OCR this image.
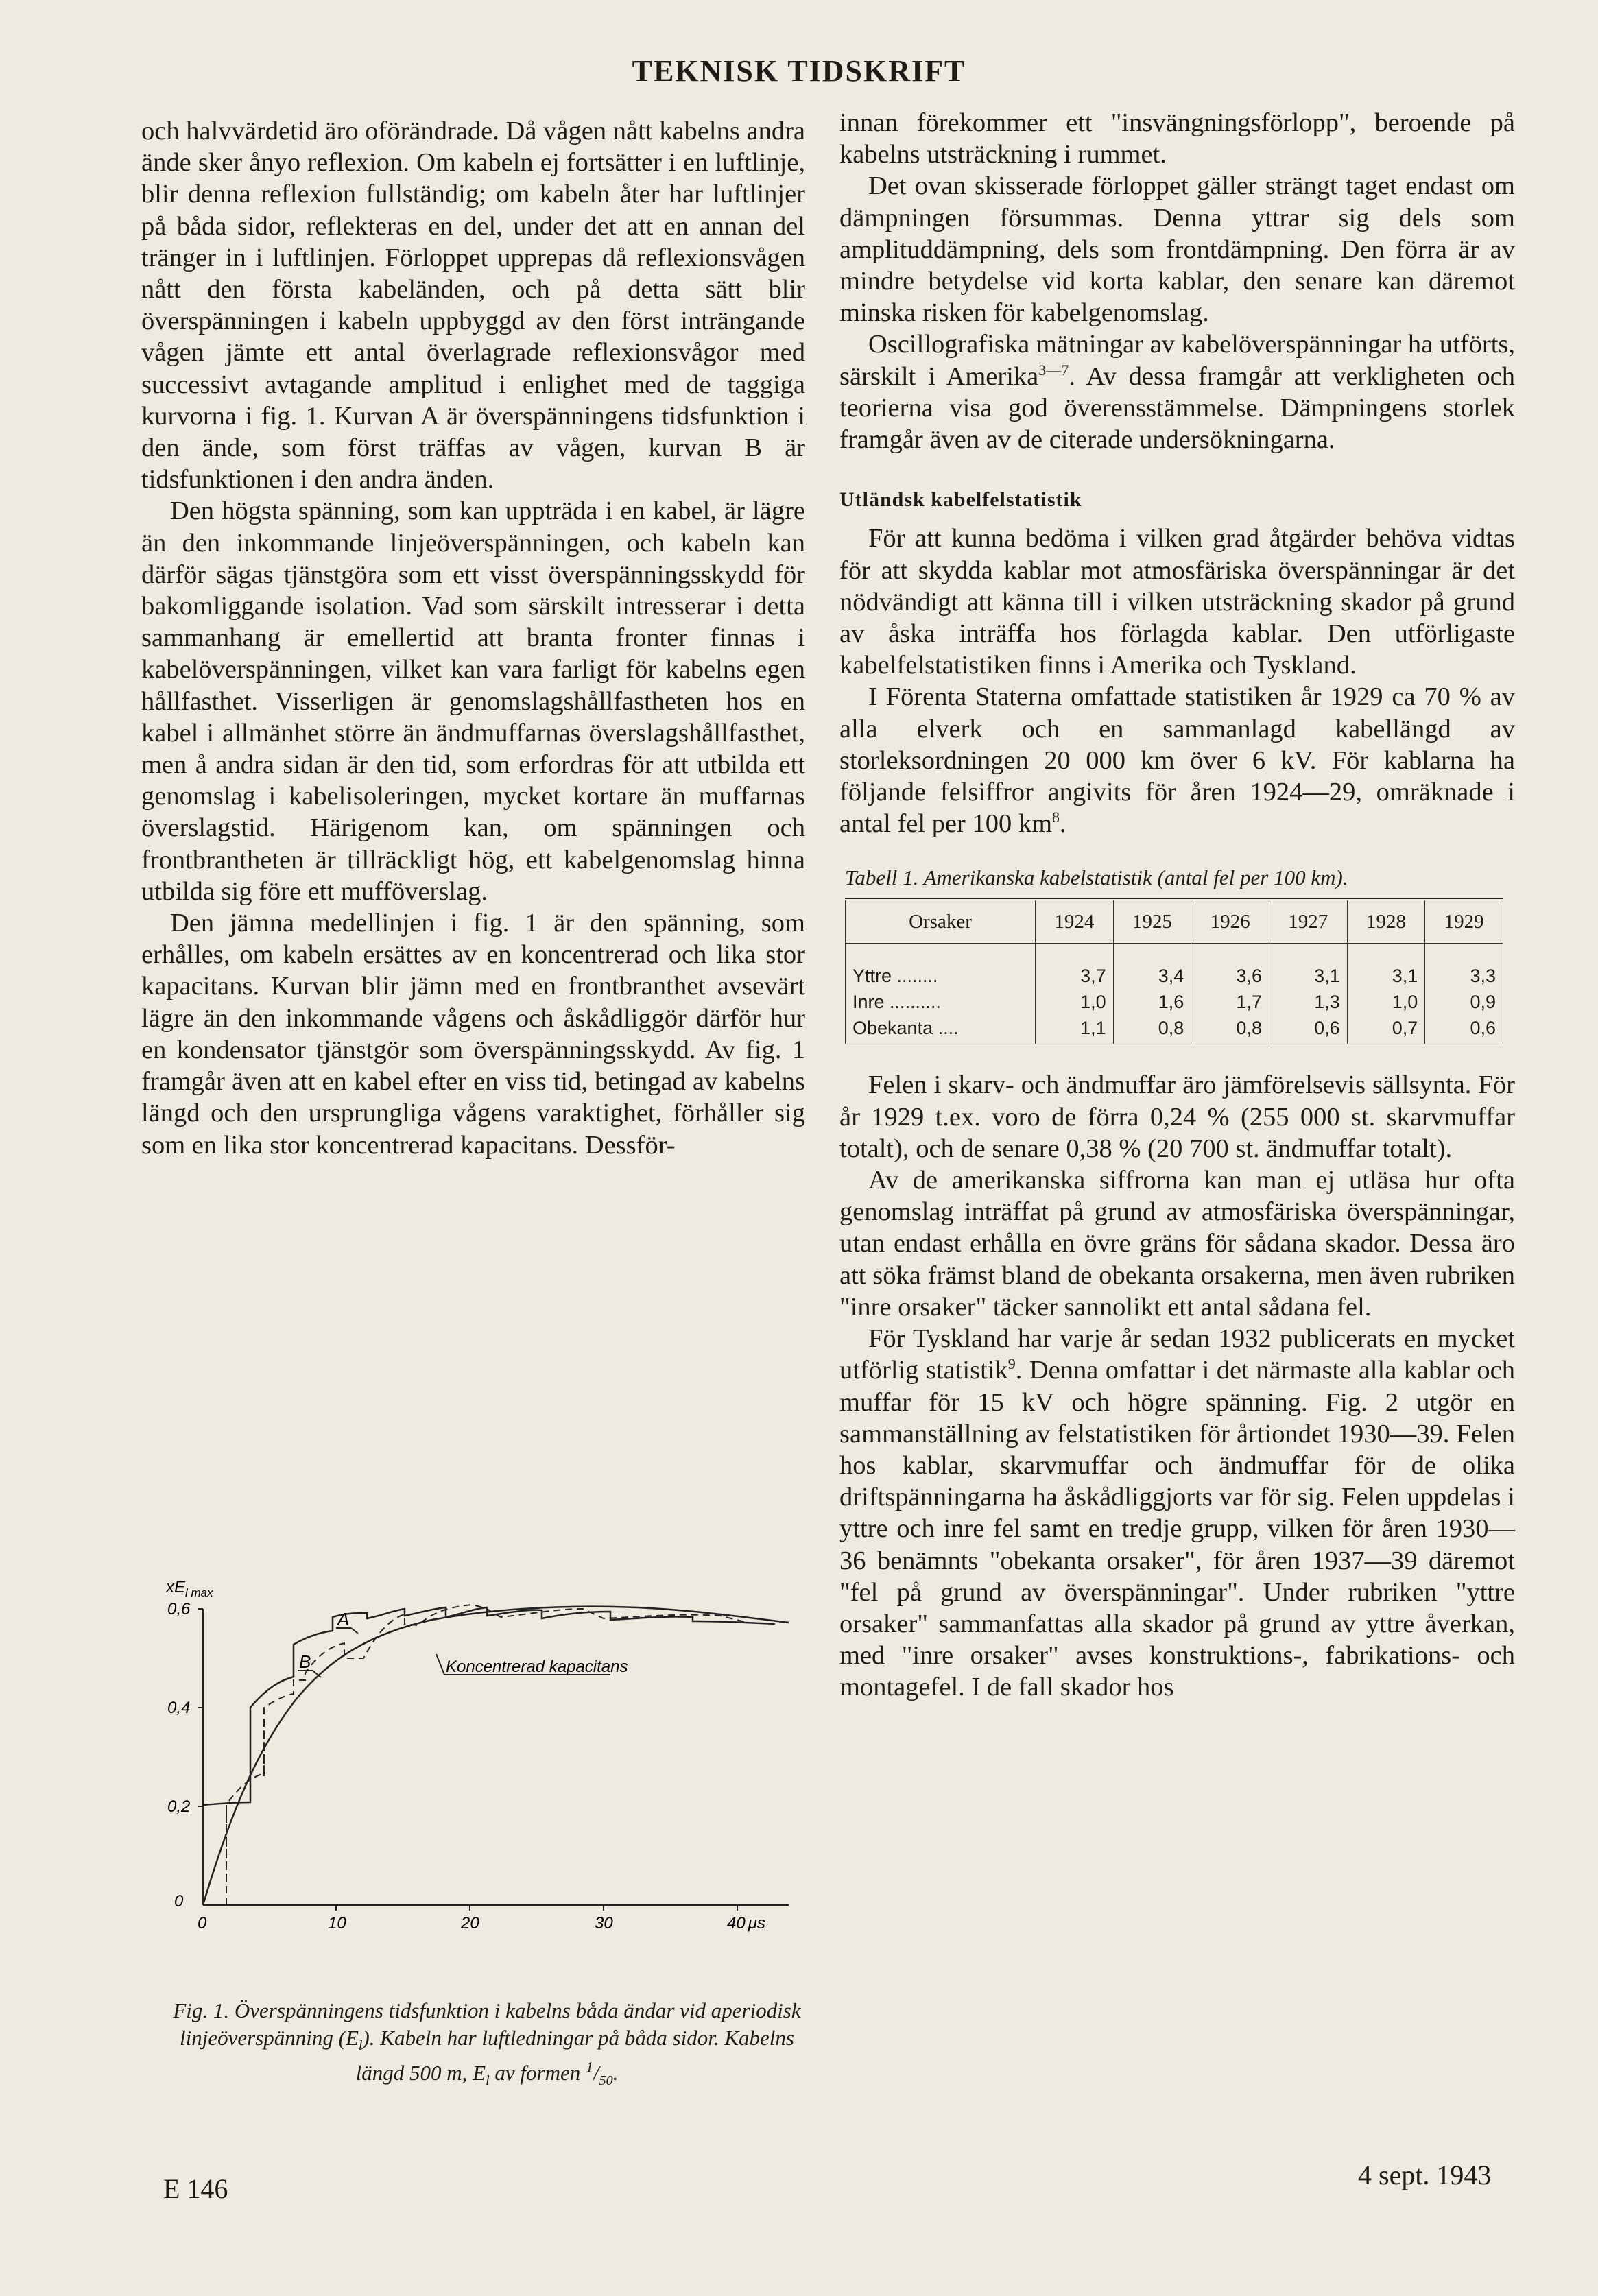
TEKNISK TIDSKRIFT

och halvvärdetid äro oförändrade. Då vågen nått kabelns andra ände sker ånyo reflexion. Om kabeln ej fortsätter i en luftlinje, blir denna reflexion fullständig; om kabeln åter har luftlinjer på båda sidor, reflekteras en del, under det att en annan del tränger in i luftlinjen. Förloppet upprepas då reflexionsvågen nått den första kabeländen, och på detta sätt blir överspänningen i kabeln uppbyggd av den först inträngande vågen jämte ett antal överlagrade reflexionsvågor med successivt avtagande amplitud i enlighet med de taggiga kurvorna i fig. 1. Kurvan A är överspänningens tidsfunktion i den ände, som först träffas av vågen, kurvan B är tidsfunktionen i den andra änden.

Den högsta spänning, som kan uppträda i en kabel, är lägre än den inkommande linjeöverspänningen, och kabeln kan därför sägas tjänstgöra som ett visst överspänningsskydd för bakomliggande isolation. Vad som särskilt intresserar i detta sammanhang är emellertid att branta fronter finnas i kabelöverspänningen, vilket kan vara farligt för kabelns egen hållfasthet. Visserligen är genomslagshållfastheten hos en kabel i allmänhet större än ändmuffarnas överslagshållfasthet, men å andra sidan är den tid, som erfordras för att utbilda ett genomslag i kabelisoleringen, mycket kortare än muffarnas överslagstid. Härigenom kan, om spänningen och frontbrantheten är tillräckligt hög, ett kabelgenomslag hinna utbilda sig före ett mufföverslag.

Den jämna medellinjen i fig. 1 är den spänning, som erhålles, om kabeln ersättes av en koncentrerad och lika stor kapacitans. Kurvan blir jämn med en frontbranthet avsevärt lägre än den inkommande vågens och åskådliggör därför hur en kondensator tjänstgör som överspänningsskydd. Av fig. 1 framgår även att en kabel efter en viss tid, betingad av kabelns längd och den ursprungliga vågens varaktighet, förhåller sig som en lika stor koncentrerad kapacitans. Dessför-

$xE_{l max}$
0,6
0,4
0,2
0
0	10	20	30	40 μs
A
B	Koncentrerad kapacitans
Fig. 1. Överspänningens tidsfunktion i kabelns båda ändar vid aperiodisk linjeöverspänning $(E_l)$. Kabeln har luftledningar på båda sidor. Kabelns längd 500 m, $E_l$ av formen $^1/_{50}$.

innan förekommer ett "insvängningsförlopp", beroende på kabelns utsträckning i rummet.

Det ovan skisserade förloppet gäller strängt taget endast om dämpningen försummas. Denna yttrar sig dels som amplituddämpning, dels som frontdämpning. Den förra är av mindre betydelse vid korta kablar, den senare kan däremot minska risken för kabelgenomslag.

Oscillografiska mätningar av kabelöverspänningar ha utförts, särskilt i Amerika$^{3—7}$. Av dessa framgår att verkligheten och teorierna visa god överensstämmelse. Dämpningens storlek framgår även av de citerade undersökningarna.

Utländsk kabelfelstatistik

För att kunna bedöma i vilken grad åtgärder behöva vidtas för att skydda kablar mot atmosfäriska överspänningar är det nödvändigt att känna till i vilken utsträckning skador på grund av åska inträffa hos förlagda kablar. Den utförligaste kabelfelstatistiken finns i Amerika och Tyskland.

I Förenta Staterna omfattade statistiken år 1929 ca 70 % av alla elverk och en sammanlagd kabellängd av storleksordningen 20 000 km över 6 kV. För kablarna ha följande felsiffror angivits för åren 1924—29, omräknade i antal fel per 100 $km^8$.

Tabell 1. Amerikanska kabelstatistik (antal fel per 100 km).
Orsaker	1924	1925	1926	1927	1928	1929
Yttre ........	3,7	3,4	3,6	3,1	3,1	3,3
Inre ..........	1,0	1,6	1,7	1,3	1,0	0,9
Obekanta ....	1,1	0,8	0,8	0,6	0,7	0,6

Felen i skarv- och ändmuffar äro jämförelsevis sällsynta. För år 1929 t.ex. voro de förra 0,24 % (255 000 st. skarvmuffar totalt), och de senare 0,38 % (20 700 st. ändmuffar totalt).

Av de amerikanska siffrorna kan man ej utläsa hur ofta genomslag inträffat på grund av atmosfäriska överspänningar, utan endast erhålla en övre gräns för sådana skador. Dessa äro att söka främst bland de obekanta orsakerna, men även rubriken "inre orsaker" täcker sannolikt ett antal sådana fel.

För Tyskland har varje år sedan 1932 publicerats en mycket utförlig statistik$^9$. Denna omfattar i det närmaste alla kablar och muffar för 15 kV och högre spänning. Fig. 2 utgör en sammanställning av felstatistiken för årtiondet 1930—39. Felen hos kablar, skarvmuffar och ändmuffar för de olika driftspänningarna ha åskådliggjorts var för sig. Felen uppdelas i yttre och inre fel samt en tredje grupp, vilken för åren 1930—36 benämnts "obekanta orsaker", för åren 1937—39 däremot "fel på grund av överspänningar". Under rubriken "yttre orsaker" sammanfattas alla skador på grund av yttre åverkan, med "inre orsaker" avses konstruktions-, fabrikations- och montagefel. I de fall skador hos

E 146	4 sept. 1943
